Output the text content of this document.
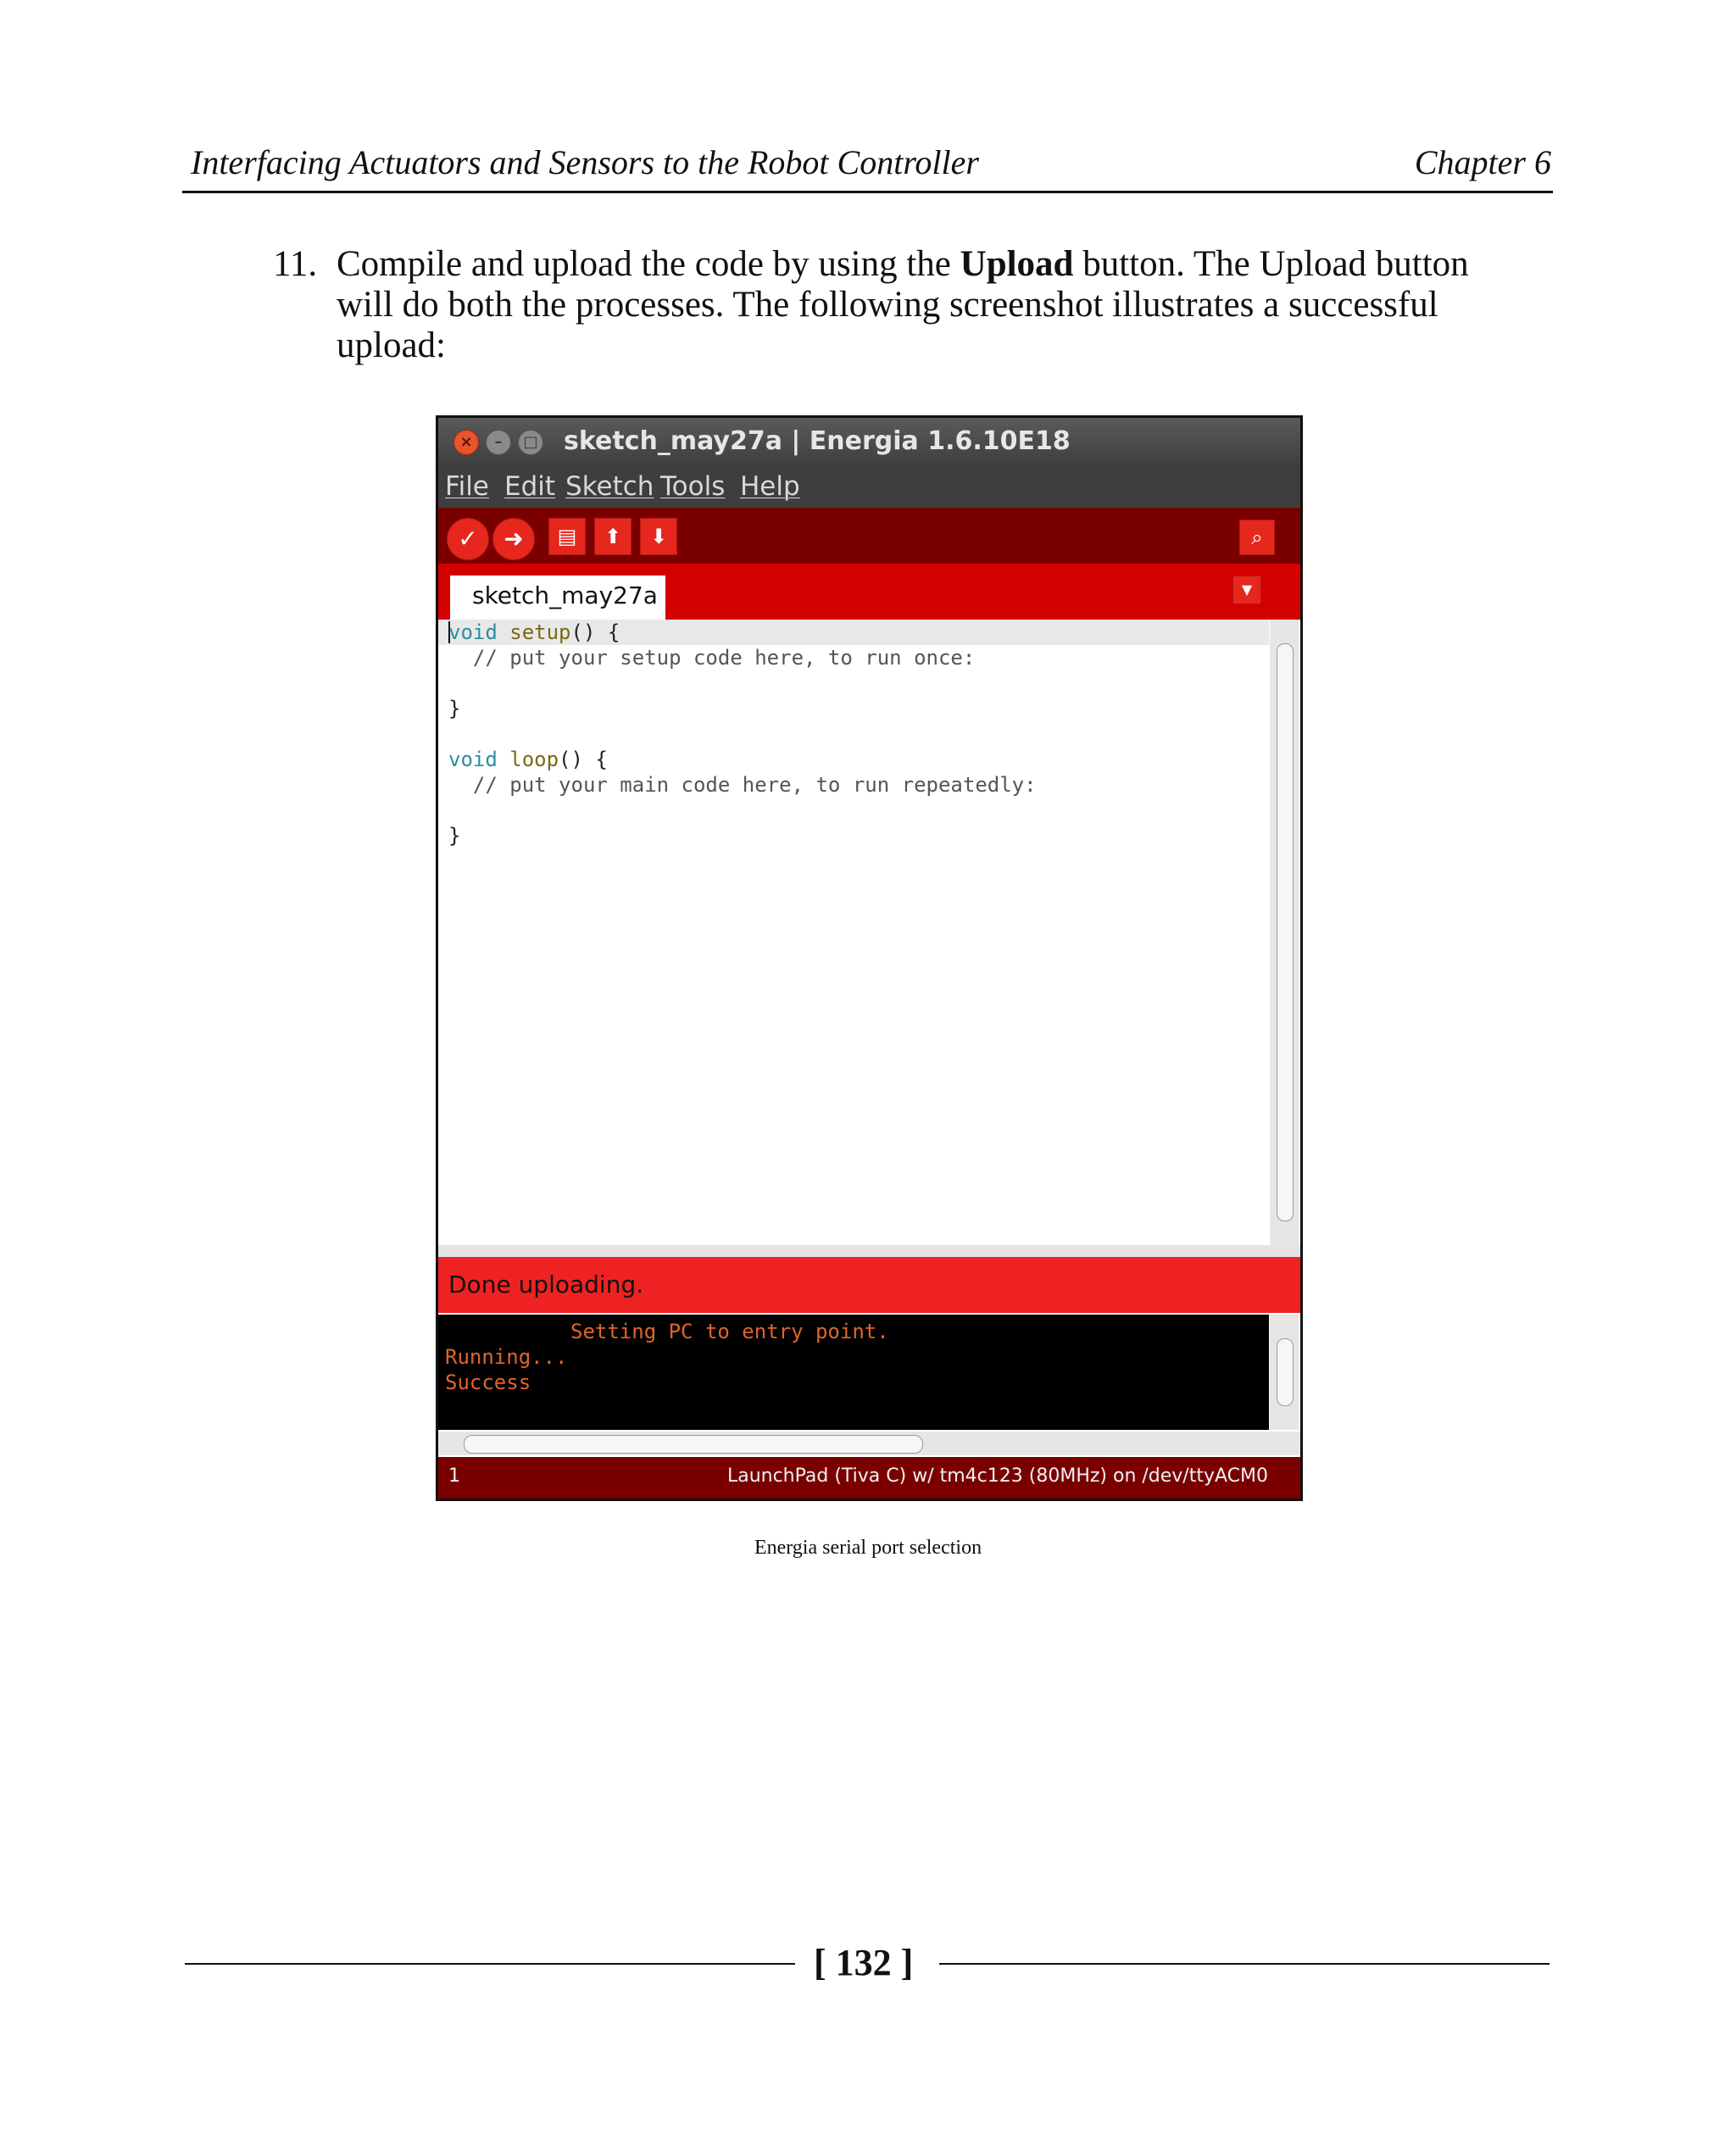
Interfacing Actuators and Sensors to the Robot Controller	Chapter 6
11. Compile and upload the code by using the Upload button. The Upload button will do both the processes. The following screenshot illustrates a successful upload:
×	–	□ sketch_may27a | Energia 1.6.10E18
File Edit Sketch Tools Help
✓	➜	▤	⬆	⬇	⌕
sketch_may27a	▼
void setup() {
// put your setup code here, to run once:
}
void loop() {
// put your main code here, to run repeatedly:
}
Done uploading.
Setting PC to entry point.
Running...
Success
1	LaunchPad (Tiva C) w/ tm4c123 (80MHz) on /dev/ttyACM0
Energia serial port selection
[ 132 ]
